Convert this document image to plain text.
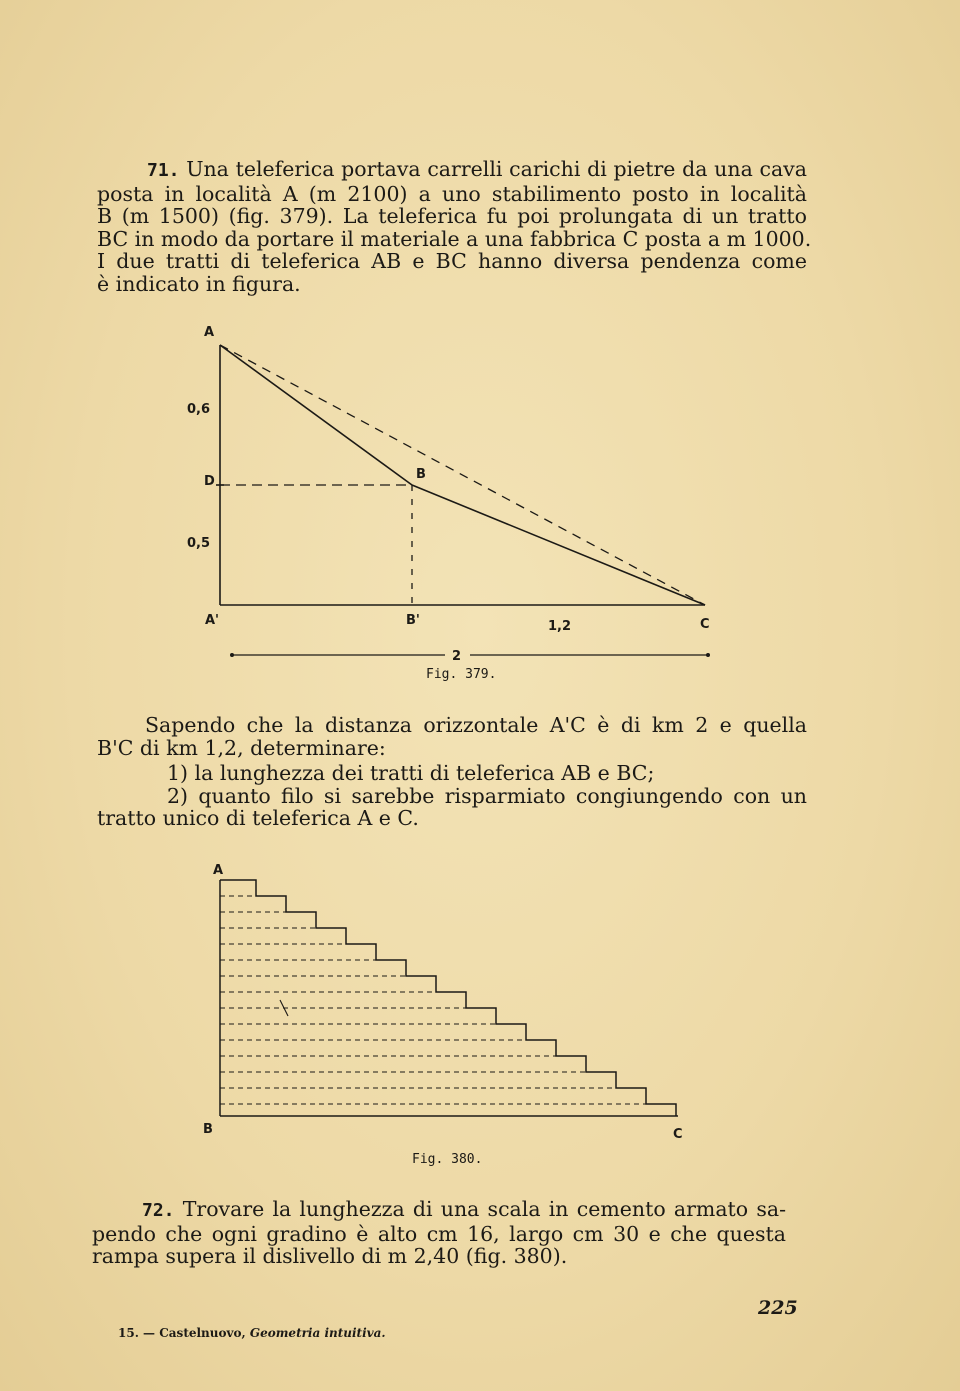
71. Una teleferica portava carrelli carichi di pietre da una cava
posta in località A (m 2100) a uno stabilimento posto in località
B (m 1500) (fig. 379). La teleferica fu poi prolungata di un tratto
BC in modo da portare il materiale a una fabbrica C posta a m 1000.
I due tratti di teleferica AB e BC hanno diversa pendenza come
è indicato in figura.
A
0,6
D	B
0,5
A'	B'	1,2	C
2
A
B	C
Fig. 379.
Sapendo che la distanza orizzontale A'C è di km 2 e quella
B'C di km 1,2, determinare:
1) la lunghezza dei tratti di teleferica AB e BC;
2) quanto filo si sarebbe risparmiato congiungendo con un
tratto unico di teleferica A e C.
Fig. 380.
72. Trovare la lunghezza di una scala in cemento armato sa-
pendo che ogni gradino è alto cm 16, largo cm 30 e che questa
rampa supera il dislivello di m 2,40 (fig. 380).
225
15. — Castelnuovo, Geometria intuitiva.
